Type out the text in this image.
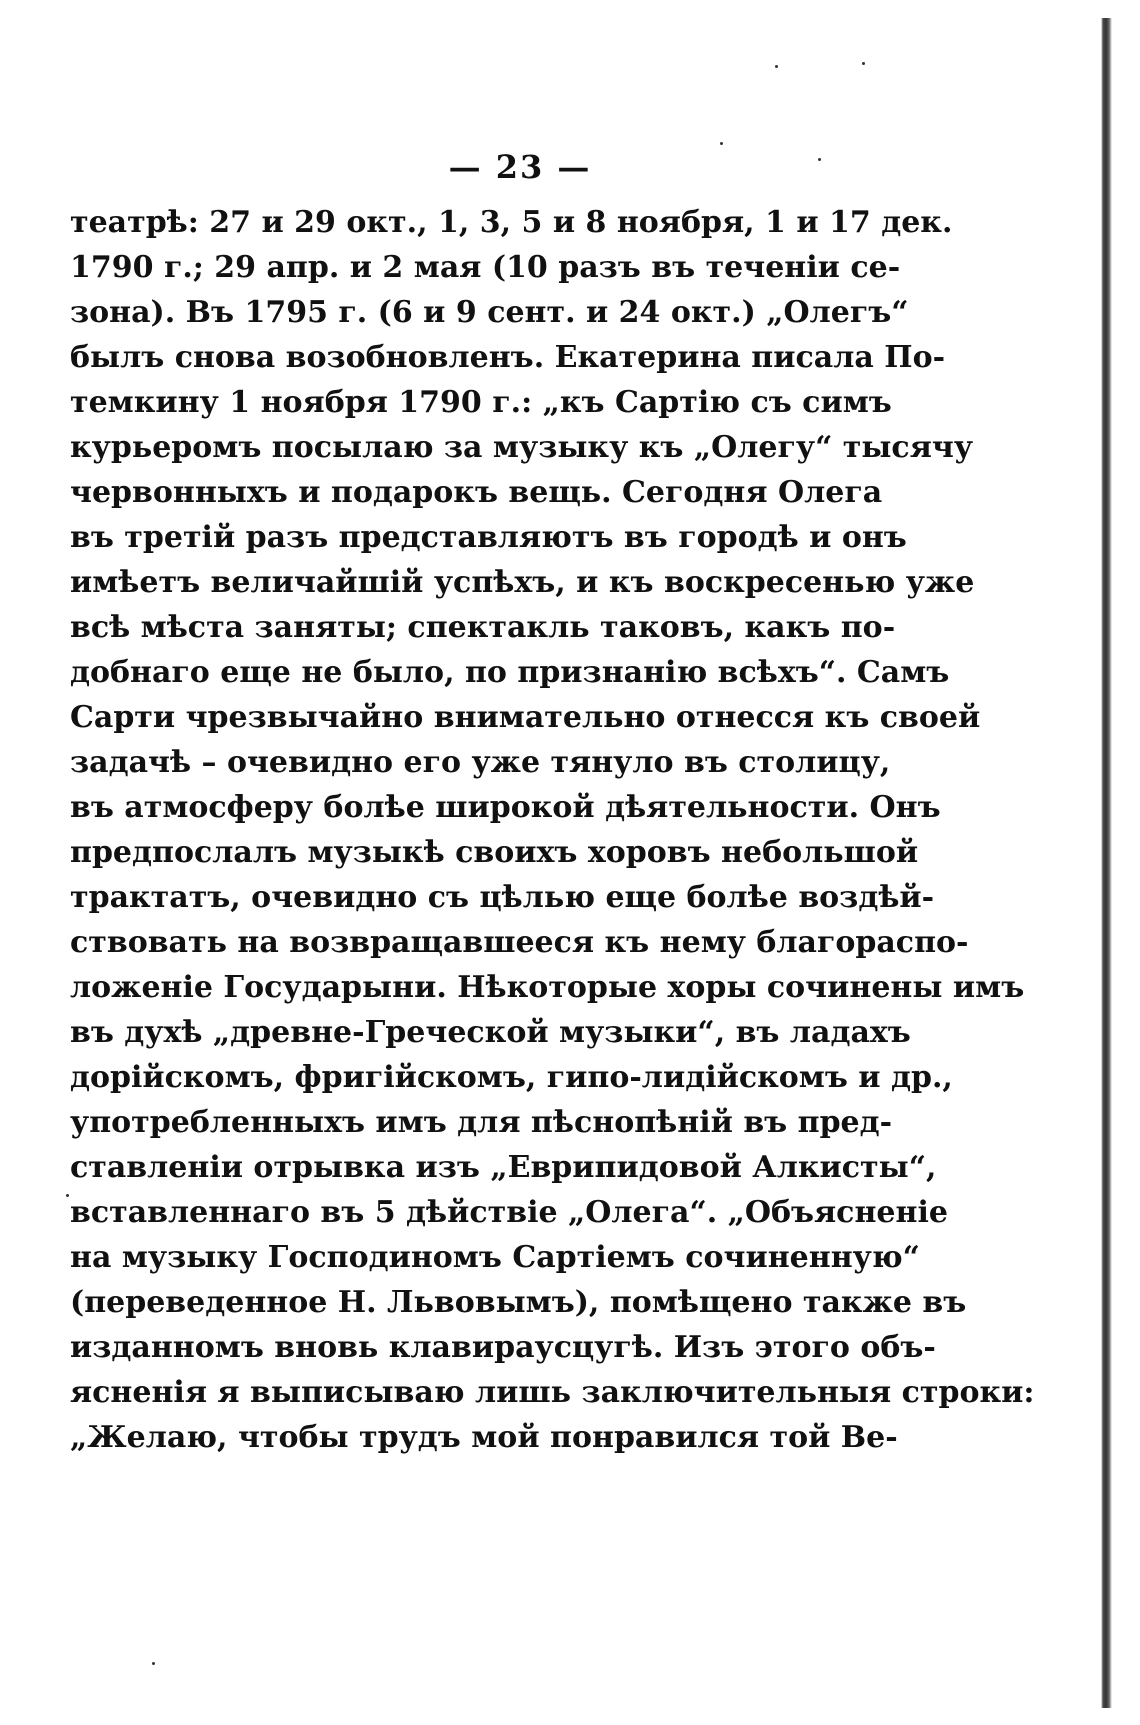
— 23 —
театрѣ: 27 и 29 окт., 1, 3, 5 и 8 ноября, 1 и 17 дек.
1790 г.; 29 апр. и 2 мая (10 разъ въ теченіи се-
зона). Въ 1795 г. (6 и 9 сент. и 24 окт.) „Олегъ“
былъ снова возобновленъ. Екатерина писала По-
темкину 1 ноября 1790 г.: „къ Сартію съ симъ
курьеромъ посылаю за музыку къ „Олегу“ тысячу
червонныхъ и подарокъ вещь. Сегодня Олега
въ третій разъ представляютъ въ городѣ и онъ
имѣетъ величайшій успѣхъ, и къ воскресенью уже
всѣ мѣста заняты; спектакль таковъ, какъ по-
добнаго еще не было, по признанію всѣхъ“. Самъ
Сарти чрезвычайно внимательно отнесся къ своей
задачѣ – очевидно его уже тянуло въ столицу,
въ атмосферу болѣе широкой дѣятельности. Онъ
предпослалъ музыкѣ своихъ хоровъ небольшой
трактатъ, очевидно съ цѣлью еще болѣе воздѣй-
ствовать на возвращавшееся къ нему благораспо-
ложеніе Государыни. Нѣкоторые хоры сочинены имъ
въ духѣ „древне-Греческой музыки“, въ ладахъ
дорійскомъ, фригійскомъ, гипо-лидійскомъ и др.,
употребленныхъ имъ для пѣснопѣній въ пред-
ставленіи отрывка изъ „Еврипидовой Алкисты“,
вставленнаго въ 5 дѣйствіе „Олега“. „Объясненіе
на музыку Господиномъ Сартіемъ сочиненную“
(переведенное Н. Львовымъ), помѣщено также въ
изданномъ вновь клавираусцугѣ. Изъ этого объ-
ясненія я выписываю лишь заключительныя строки:
„Желаю, чтобы трудъ мой понравился той Ве-
